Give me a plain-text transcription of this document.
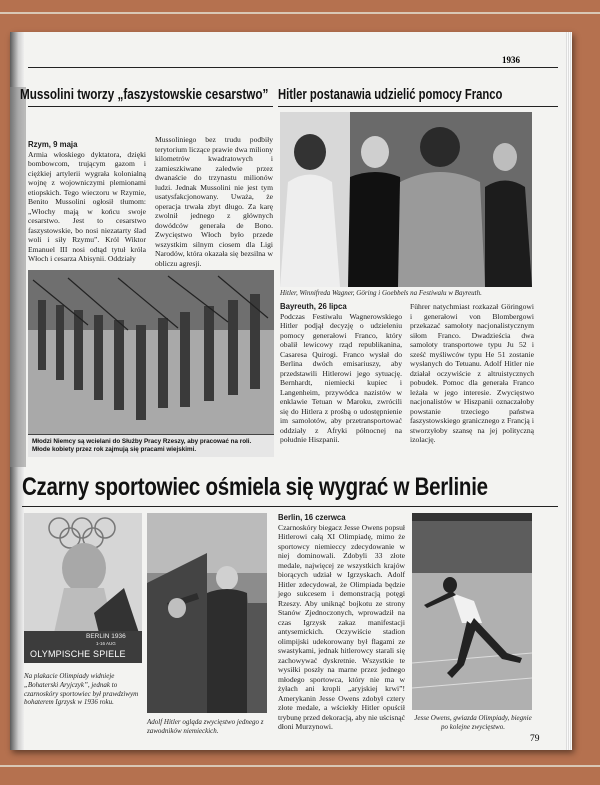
1936
Mussolini tworzy „faszystowskie cesarstwo”
Rzym, 9 maja
Armia włoskiego dyktatora, dzięki bombowcom, trującym gazom i ciężkiej artylerii wygrała kolonialną wojnę z wojowniczymi plemionami etiopskich. Tego wieczoru w Rzymie, Benito Mussolini ogłosił tłumom: „Włochy mają w końcu swoje cesarstwo. Jest to cesarstwo faszystowskie, bo nosi niezatarty ślad woli i siły Rzymu”. Król Wiktor Emanuel III nosi odtąd tytuł króla Włoch i cesarza Abisynii. Oddziały
Mussoliniego bez trudu podbiły terytorium liczące prawie dwa miliony kilometrów kwadratowych i zamieszkiwane zaledwie przez dwanaście do trzynastu milionów ludzi. Jednak Mussolini nie jest tym usatysfakcjonowany. Uważa, że operacja trwała zbyt długo. Za karę zwolnił jednego z głównych dowódców generała de Bono. Zwycięstwo Włoch było przede wszystkim silnym ciosem dla Ligi Narodów, która okazała się bezsilna w obliczu agresji.
Młodzi Niemcy są wcielani do Służby Pracy Rzeszy, aby pracować na roli. Młode kobiety przez rok zajmują się pracami wiejskimi.
Hitler postanawia udzielić pomocy Franco
Hitler, Winnifreda Wagner, Göring i Goebbels na Festiwalu w Bayreuth.
Bayreuth, 26 lipca
Podczas Festiwalu Wagnerowskiego Hitler podjął decyzję o udzieleniu pomocy generałowi Franco, który obalił lewicowy rząd republikanina, Casaresa Quirogi. Franco wysłał do Berlina dwóch emisariuszy, aby przedstawili Hitlerowi jego sytuację. Bernhardt, niemiecki kupiec i Langenheim, przywódca nazistów w enklawie Tetuan w Maroku, zwrócili się do Hitlera z prośbą o udostępnienie im samolotów, aby przetransportować oddziały z Afryki północnej na południe Hiszpanii.
Führer natychmiast rozkazał Göringowi i generałowi von Blombergowi przekazać samoloty nacjonalistycznym siłom Franco. Dwadzieścia dwa samoloty transportowe typu Ju 52 i sześć myśliwców typu He 51 zostanie wysłanych do Tetuanu. Adolf Hitler nie działał oczywiście z altruistycznych pobudek. Pomoc dla generała Franco leżała w jego interesie. Zwycięstwo nacjonalistów w Hiszpanii oznaczałoby powstanie trzeciego państwa faszystowskiego granicznego z Francją i stworzyłoby szansę na jej polityczną izolację.
Czarny sportowiec ośmiela się wygrać w Berlinie
BERLIN 1936
1-16 AUG
OLYMPISCHE SPIELE
Na plakacie Olimpiady widnieje „Bohaterski Aryjczyk”, jednak to czarnoskóry sportowiec był prawdziwym bohaterem Igrzysk w 1936 roku.
Adolf Hitler ogląda zwycięstwo jednego z zawodników niemieckich.
Berlin, 16 czerwca
Czarnoskóry biegacz Jesse Owens popsuł Hitlerowi całą XI Olimpiadę, mimo że sportowcy niemieccy zdecydowanie w niej dominowali. Zdobyli 33 złote medale, najwięcej ze wszystkich krajów biorących udział w Igrzyskach. Adolf Hitler zdecydował, że Olimpiada będzie jego sukcesem i demonstracją potęgi Rzeszy. Aby uniknąć bojkotu ze strony Stanów Zjednoczonych, wprowadził na czas Igrzysk zakaz manifestacji antysemickich. Oczywiście stadion olimpijski udekorowany był flagami ze swastykami, jednak hitlerowcy starali się zachowywać dyskretnie. Wszystkie te wysiłki poszły na marne przez jednego młodego sportowca, który nie ma w żyłach ani kropli „aryjskiej krwi”! Amerykanin Jesse Owens zdobył cztery złote medale, a wściekły Hitler opuścił trybunę przed dekoracją, aby nie uścisnąć dłoni Murzynowi.
Jesse Owens, gwiazda Olimpiady, biegnie po kolejne zwycięstwo.
79
